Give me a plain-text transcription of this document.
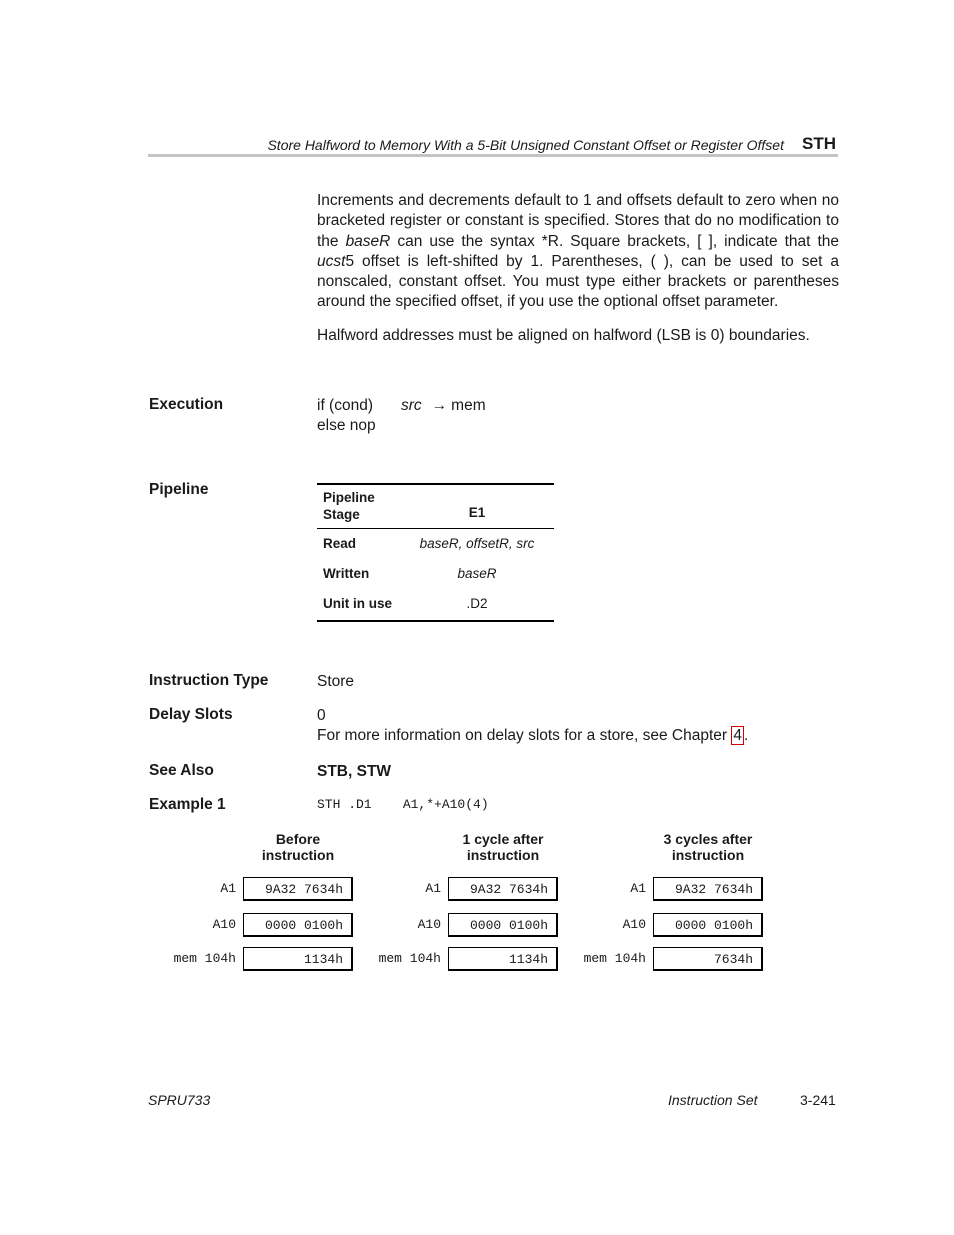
Store Halfword to Memory With a 5-Bit Unsigned Constant Offset or Register Offset STH
Increments and decrements default to 1 and offsets default to zero when no bracketed register or constant is specified. Stores that do no modification to the baseR can use the syntax *R. Square brackets, [ ], indicate that the ucst5 offset is left-shifted by 1. Parentheses, ( ), can be used to set a nonscaled, constant offset. You must type either brackets or parentheses around the specified offset, if you use the optional offset parameter.
Halfword addresses must be aligned on halfword (LSB is 0) boundaries.
Execution	if (cond) src → mem
else nop
Pipeline	Pipeline
Stage	E1
Read	baseR, offsetR, src
Written	baseR
Unit in use	.D2
Instruction Type	Store
Delay Slots	0
For more information on delay slots for a store, see Chapter 4 .
See Also	STB, STW
Example 1	STH .D1    A1,*+A10(4)
Before
instruction
1 cycle after
instruction
3 cycles after
instruction
A1	9A32 7634h
A10	0000 0100h
mem 104h	1134h
A1	9A32 7634h
A10	0000 0100h
mem 104h	1134h
A1	9A32 7634h
A10	0000 0100h
mem 104h	7634h
SPRU733	Instruction Set	3-241
